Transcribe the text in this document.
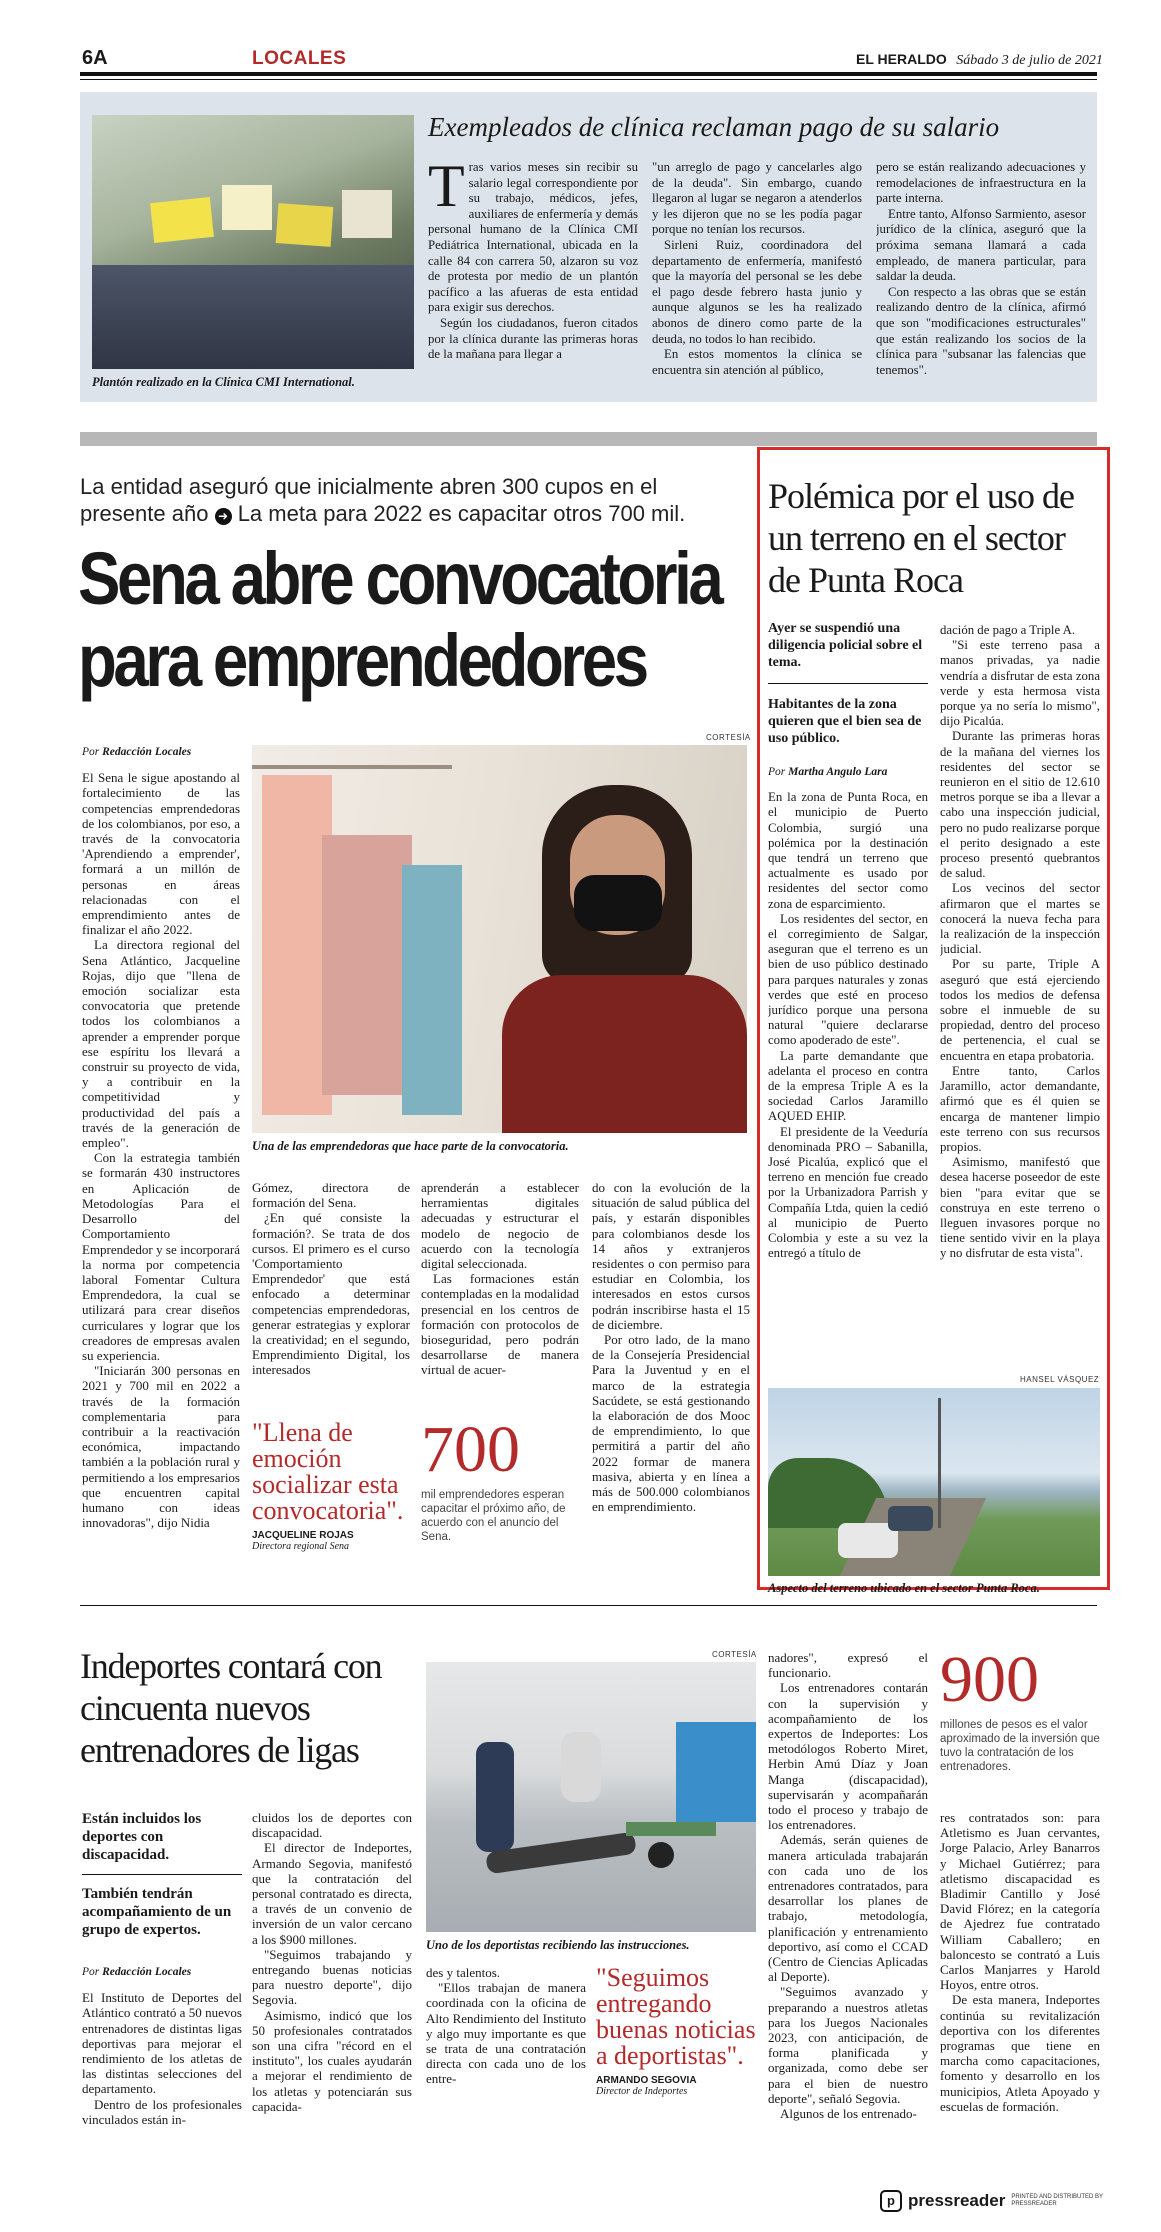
6A	LOCALES	EL HERALDO Sábado 3 de julio de 2021
Plantón realizado en la Clínica CMI International.
Exempleados de clínica reclaman pago de su salario
T ras varios meses sin recibir su salario legal correspondiente por su trabajo, médicos, jefes, auxiliares de enfermería y demás personal humano de la Clínica CMI Pediátrica International, ubicada en la calle 84 con carrera 50, alzaron su voz de protesta por medio de un plantón pacífico a las afueras de esta entidad para exigir sus derechos.

Según los ciudadanos, fueron citados por la clínica durante las primeras horas de la mañana para llegar a

"un arreglo de pago y cancelarles algo de la deuda". Sin embargo, cuando llegaron al lugar se negaron a atenderlos y les dijeron que no se les podía pagar porque no tenían los recursos.

Sirleni Ruiz, coordinadora del departamento de enfermería, manifestó que la mayoría del personal se les debe el pago desde febrero hasta junio y aunque algunos se les ha realizado abonos de dinero como parte de la deuda, no todos lo han recibido.

En estos momentos la clínica se encuentra sin atención al público,

pero se están realizando adecuaciones y remodelaciones de infraestructura en la parte interna.

Entre tanto, Alfonso Sarmiento, asesor jurídico de la clínica, aseguró que la próxima semana llamará a cada empleado, de manera particular, para saldar la deuda.

Con respecto a las obras que se están realizando dentro de la clínica, afirmó que son "modificaciones estructurales" que están realizando los socios de la clínica para "subsanar las falencias que tenemos".

La entidad aseguró que inicialmente abren 300 cupos en el presente año ➜ La meta para 2022 es capacitar otros 700 mil.
Sena abre convocatoria
para emprendedores
CORTESÍA
Una de las emprendedoras que hace parte de la convocatoria.
Por Redacción Locales

El Sena le sigue apostando al fortalecimiento de las competencias emprendedoras de los colombianos, por eso, a través de la convocatoria 'Aprendiendo a emprender', formará a un millón de personas en áreas relacionadas con el emprendimiento antes de finalizar el año 2022.

La directora regional del Sena Atlántico, Jacqueline Rojas, dijo que "llena de emoción socializar esta convocatoria que pretende todos los colombianos a aprender a emprender porque ese espíritu los llevará a construir su proyecto de vida, y a contribuir en la competitividad y productividad del país a través de la generación de empleo".

Con la estrategia también se formarán 430 instructores en Aplicación de Metodologías Para el Desarrollo del Comportamiento Emprendedor y se incorporará la norma por competencia laboral Fomentar Cultura Emprendedora, la cual se utilizará para crear diseños curriculares y lograr que los creadores de empresas avalen su experiencia.

"Iniciarán 300 personas en 2021 y 700 mil en 2022 a través de la formación complementaria para contribuir a la reactivación económica, impactando también a la población rural y permitiendo a los empresarios que encuentren capital humano con ideas innovadoras", dijo Nidia

Gómez, directora de formación del Sena.

¿En qué consiste la formación?. Se trata de dos cursos. El primero es el curso 'Comportamiento Emprendedor' que está enfocado a determinar competencias emprendedoras, generar estrategias y explorar la creatividad; en el segundo, Emprendimiento Digital, los interesados

aprenderán a establecer herramientas digitales adecuadas y estructurar el modelo de negocio de acuerdo con la tecnología digital seleccionada.

Las formaciones están contempladas en la modalidad presencial en los centros de formación con protocolos de bioseguridad, pero podrán desarrollarse de manera virtual de acuer-

do con la evolución de la situación de salud pública del país, y estarán disponibles para colombianos desde los 14 años y extranjeros residentes o con permiso para estudiar en Colombia, los interesados en estos cursos podrán inscribirse hasta el 15 de diciembre.

Por otro lado, de la mano de la Consejería Presidencial Para la Juventud y en el marco de la estrategia Sacúdete, se está gestionando la elaboración de dos Mooc de emprendimiento, lo que permitirá a partir del año 2022 formar de manera masiva, abierta y en línea a más de 500.000 colombianos en emprendimiento.

"Llena de emoción socializar esta convocatoria".
JACQUELINE ROJAS
Directora regional Sena
700
mil emprendedores esperan capacitar el próximo año, de acuerdo con el anuncio del Sena.
Polémica por el uso de un terreno en el sector de Punta Roca
Ayer se suspendió una diligencia policial sobre el tema.
Habitantes de la zona quieren que el bien sea de uso público.
Por Martha Angulo Lara

En la zona de Punta Roca, en el municipio de Puerto Colombia, surgió una polémica por la destinación que tendrá un terreno que actualmente es usado por residentes del sector como zona de esparcimiento.

Los residentes del sector, en el corregimiento de Salgar, aseguran que el terreno es un bien de uso público destinado para parques naturales y zonas verdes que esté en proceso jurídico porque una persona natural "quiere declararse como apoderado de este".

La parte demandante que adelanta el proceso en contra de la empresa Triple A es la sociedad Carlos Jaramillo AQUED EHIP.

El presidente de la Veeduría denominada PRO – Sabanilla, José Picalúa, explicó que el terreno en mención fue creado por la Urbanizadora Parrish y Compañía Ltda, quien la cedió al municipio de Puerto Colombia y este a su vez la entregó a título de

dación de pago a Triple A.

"Si este terreno pasa a manos privadas, ya nadie vendría a disfrutar de esta zona verde y esta hermosa vista porque ya no sería lo mismo", dijo Picalúa.

Durante las primeras horas de la mañana del viernes los residentes del sector se reunieron en el sitio de 12.610 metros porque se iba a llevar a cabo una inspección judicial, pero no pudo realizarse porque el perito designado a este proceso presentó quebrantos de salud.

Los vecinos del sector afirmaron que el martes se conocerá la nueva fecha para la realización de la inspección judicial.

Por su parte, Triple A aseguró que está ejerciendo todos los medios de defensa sobre el inmueble de su propiedad, dentro del proceso de pertenencia, el cual se encuentra en etapa probatoria.

Entre tanto, Carlos Jaramillo, actor demandante, afirmó que es él quien se encarga de mantener limpio este terreno con sus recursos propios.

Asimismo, manifestó que desea hacerse poseedor de este bien "para evitar que se construya en este terreno o lleguen invasores porque no tiene sentido vivir en la playa y no disfrutar de esta vista".

HANSEL VÁSQUEZ
Aspecto del terreno ubicado en el sector Punta Roca.
Indeportes contará con cincuenta nuevos entrenadores de ligas
Están incluidos los deportes con discapacidad.
También tendrán acompañamiento de un grupo de expertos.
Por Redacción Locales

El Instituto de Deportes del Atlántico contrató a 50 nuevos entrenadores de distintas ligas deportivas para mejorar el rendimiento de los atletas de las distintas selecciones del departamento.

Dentro de los profesionales vinculados están in-

cluidos los de deportes con discapacidad.

El director de Indeportes, Armando Segovia, manifestó que la contratación del personal contratado es directa, a través de un convenio de inversión de un valor cercano a los $900 millones.

"Seguimos trabajando y entregando buenas noticias para nuestro deporte", dijo Segovia.

Asimismo, indicó que los 50 profesionales contratados son una cifra "récord en el instituto", los cuales ayudarán a mejorar el rendimiento de los atletas y potenciarán sus capacida-

CORTESÍA
Uno de los deportistas recibiendo las instrucciones.

des y talentos.

"Ellos trabajan de manera coordinada con la oficina de Alto Rendimiento del Instituto y algo muy importante es que se trata de una contratación directa con cada uno de los entre-

"Seguimos entregando buenas noticias a deportistas".
ARMANDO SEGOVIA
Director de Indeportes

nadores", expresó el funcionario.

Los entrenadores contarán con la supervisión y acompañamiento de los expertos de Indeportes: Los metodólogos Roberto Miret, Herbin Amú Díaz y Joan Manga (discapacidad), supervisarán y acompañarán todo el proceso y trabajo de los entrenadores.

Además, serán quienes de manera articulada trabajarán con cada uno de los entrenadores contratados, para desarrollar los planes de trabajo, metodología, planificación y entrenamiento deportivo, así como el CCAD (Centro de Ciencias Aplicadas al Deporte).

"Seguimos avanzado y preparando a nuestros atletas para los Juegos Nacionales 2023, con anticipación, de forma planificada y organizada, como debe ser para el bien de nuestro deporte", señaló Segovia.

Algunos de los entrenado-

900
millones de pesos es el valor aproximado de la inversión que tuvo la contratación de los entrenadores.

res contratados son: para Atletismo es Juan cervantes, Jorge Palacio, Arley Banarros y Michael Gutiérrez; para atletismo discapacidad es Bladimir Cantillo y José David Flórez; en la categoría de Ajedrez fue contratado William Caballero; en baloncesto se contrató a Luis Carlos Manjarres y Harold Hoyos, entre otros.

De esta manera, Indeportes continúa su revitalización deportiva con los diferentes programas que tiene en marcha como capacitaciones, fomento y desarrollo en los municipios, Atleta Apoyado y escuelas de formación.

p pressreader PRINTED AND DISTRIBUTED BY PRESSREADER
